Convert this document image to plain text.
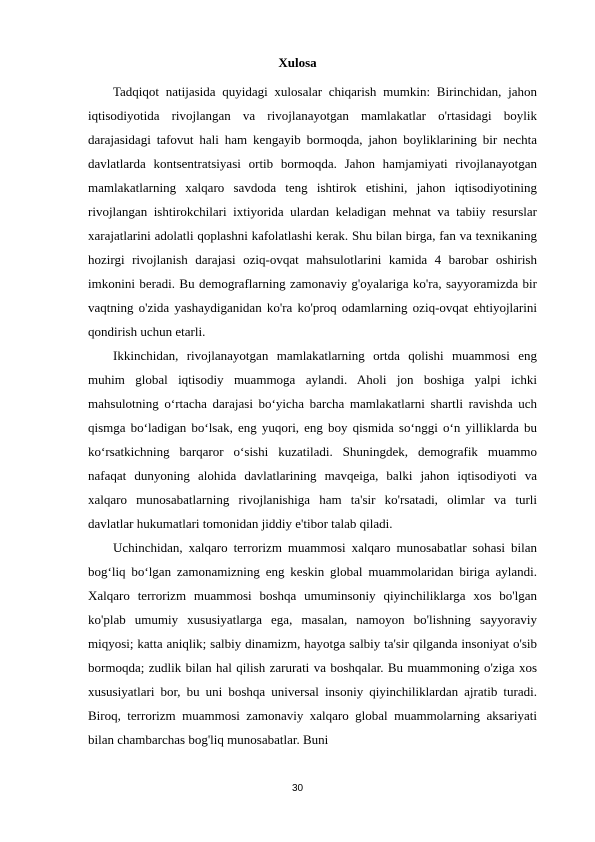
Xulosa

Tadqiqot natijasida quyidagi xulosalar chiqarish mumkin: Birinchidan, jahon iqtisodiyotida rivojlangan va rivojlanayotgan mamlakatlar o'rtasidagi boylik darajasidagi tafovut hali ham kengayib bormoqda, jahon boyliklarining bir nechta davlatlarda kontsentratsiyasi ortib bormoqda. Jahon hamjamiyati rivojlanayotgan mamlakatlarning xalqaro savdoda teng ishtirok etishini, jahon iqtisodiyotining rivojlangan ishtirokchilari ixtiyorida ulardan keladigan mehnat va tabiiy resurslar xarajatlarini adolatli qoplashni kafolatlashi kerak. Shu bilan birga, fan va texnikaning hozirgi rivojlanish darajasi oziq-ovqat mahsulotlarini kamida 4 barobar oshirish imkonini beradi. Bu demograflarning zamonaviy g'oyalariga ko'ra, sayyoramizda bir vaqtning o'zida yashaydiganidan ko'ra ko'proq odamlarning oziq-ovqat ehtiyojlarini qondirish uchun etarli.

Ikkinchidan, rivojlanayotgan mamlakatlarning ortda qolishi muammosi eng muhim global iqtisodiy muammoga aylandi. Aholi jon boshiga yalpi ichki mahsulotning o‘rtacha darajasi bo‘yicha barcha mamlakatlarni shartli ravishda uch qismga bo‘ladigan bo‘lsak, eng yuqori, eng boy qismida so‘nggi o‘n yilliklarda bu ko‘rsatkichning barqaror o‘sishi kuzatiladi. Shuningdek, demografik muammo nafaqat dunyoning alohida davlatlarining mavqeiga, balki jahon iqtisodiyoti va xalqaro munosabatlarning rivojlanishiga ham ta'sir ko'rsatadi, olimlar va turli davlatlar hukumatlari tomonidan jiddiy e'tibor talab qiladi.

Uchinchidan, xalqaro terrorizm muammosi xalqaro munosabatlar sohasi bilan bog‘liq bo‘lgan zamonamizning eng keskin global muammolaridan biriga aylandi. Xalqaro terrorizm muammosi boshqa umuminsoniy qiyinchiliklarga xos bo'lgan ko'plab umumiy xususiyatlarga ega, masalan, namoyon bo'lishning sayyoraviy miqyosi; katta aniqlik; salbiy dinamizm, hayotga salbiy ta'sir qilganda insoniyat o'sib bormoqda; zudlik bilan hal qilish zarurati va boshqalar. Bu muammoning o'ziga xos xususiyatlari bor, bu uni boshqa universal insoniy qiyinchiliklardan ajratib turadi. Biroq, terrorizm muammosi zamonaviy xalqaro global muammolarning aksariyati bilan chambarchas bog'liq munosabatlar. Buni

30
